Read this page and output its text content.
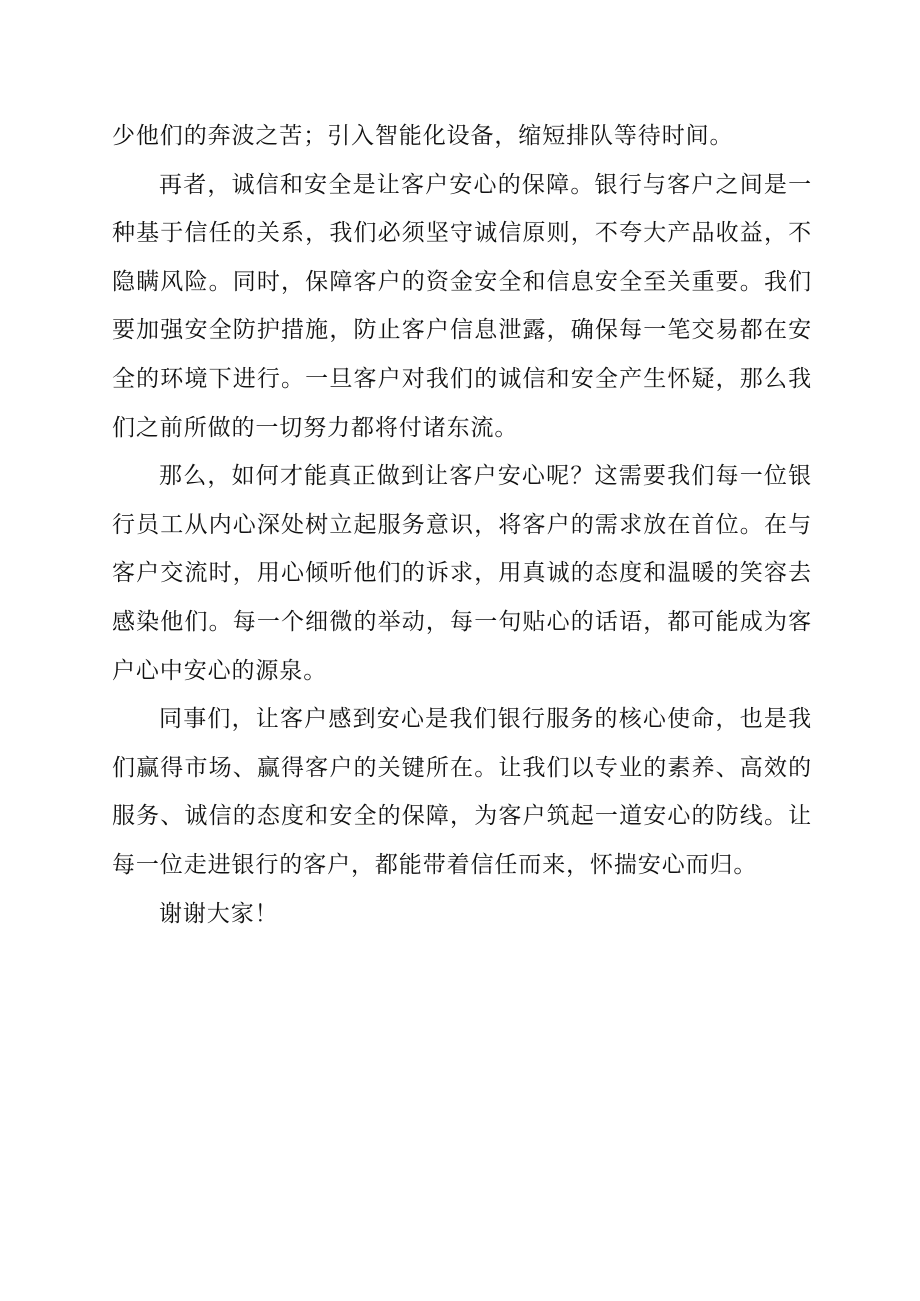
少他们的奔波之苦；引入智能化设备，缩短排队等待时间。

再者，诚信和安全是让客户安心的保障。银行与客户之间是一种基于信任的关系，我们必须坚守诚信原则，不夸大产品收益，不隐瞒风险。同时，保障客户的资金安全和信息安全至关重要。我们要加强安全防护措施，防止客户信息泄露，确保每一笔交易都在安全的环境下进行。一旦客户对我们的诚信和安全产生怀疑，那么我们之前所做的一切努力都将付诸东流。

那么，如何才能真正做到让客户安心呢？这需要我们每一位银行员工从内心深处树立起服务意识，将客户的需求放在首位。在与客户交流时，用心倾听他们的诉求，用真诚的态度和温暖的笑容去感染他们。每一个细微的举动，每一句贴心的话语，都可能成为客户心中安心的源泉。

同事们，让客户感到安心是我们银行服务的核心使命，也是我们赢得市场、赢得客户的关键所在。让我们以专业的素养、高效的服务、诚信的态度和安全的保障，为客户筑起一道安心的防线。让每一位走进银行的客户，都能带着信任而来，怀揣安心而归。

谢谢大家！
